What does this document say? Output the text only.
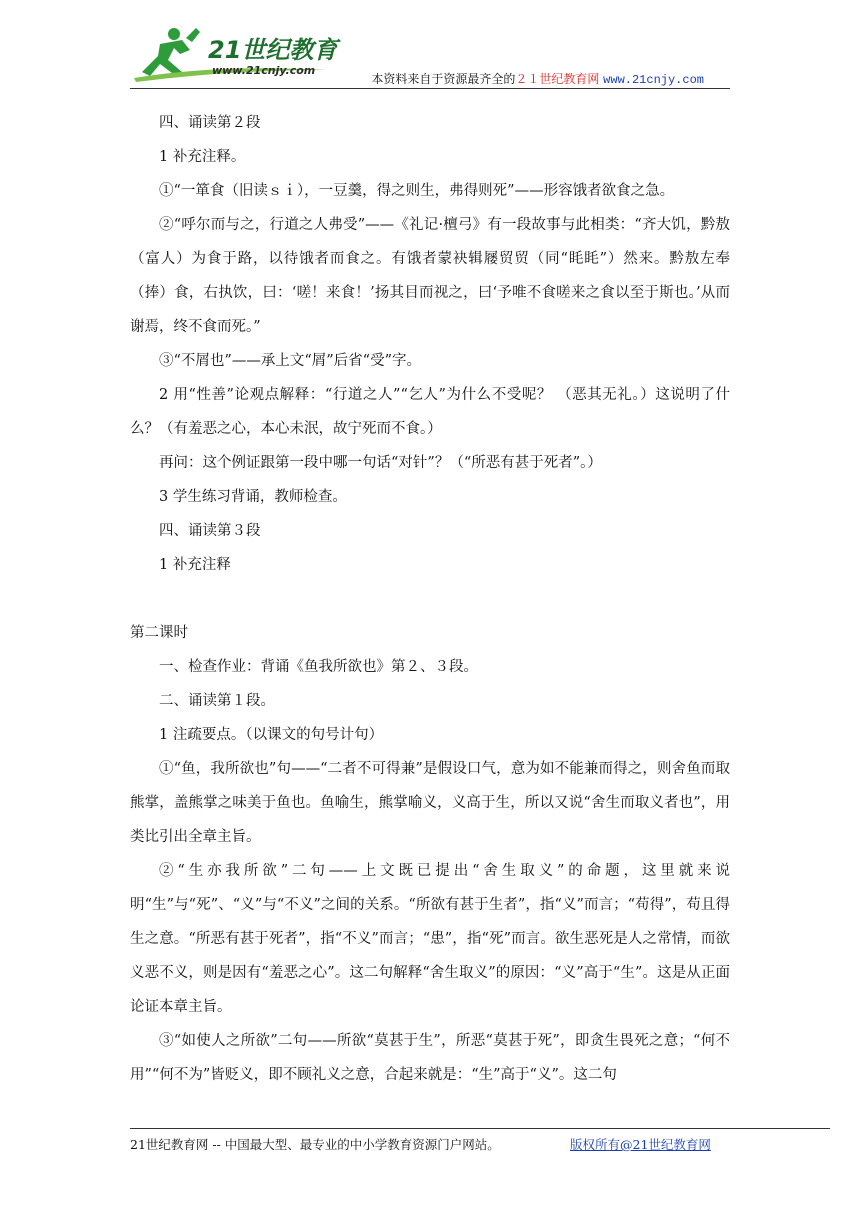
21世纪教育
www.21cnjy.com
本资料来自于资源最齐全的２１世纪教育网 www.21cnjy.com

四、诵读第２段

1 补充注释。

①“一箪食（旧读ｓｉ），一豆羹，得之则生，弗得则死”——形容饿者欲食之急。

②“呼尔而与之，行道之人弗受”——《礼记·檀弓》有一段故事与此相类：“齐大饥，黔敖（富人）为食于路，以待饿者而食之。有饿者蒙袂辑屦贸贸（同“眊眊”）然来。黔敖左奉（捧）食，右执饮，曰：‘嗟！来食！’扬其目而视之，曰‘予唯不食嗟来之食以至于斯也。’从而谢焉，终不食而死。”

③“不屑也”——承上文“屑”后省“受”字。

2 用“性善”论观点解释：“行道之人”“乞人”为什么不受呢？ （恶其无礼。）这说明了什么？（有羞恶之心，本心未泯，故宁死而不食。）

再问：这个例证跟第一段中哪一句话“对针”？（“所恶有甚于死者”。）

3 学生练习背诵，教师检查。

四、诵读第３段

1 补充注释

第二课时

一、检查作业：背诵《鱼我所欲也》第２、３段。

二、诵读第１段。

1 注疏要点。（以课文的句号计句）

①“鱼，我所欲也”句——“二者不可得兼”是假设口气，意为如不能兼而得之，则舍鱼而取熊掌，盖熊掌之味美于鱼也。鱼喻生，熊掌喻义，义高于生，所以又说“舍生而取义者也”，用类比引出全章主旨。

②“生亦我所欲”二句——上文既已提出“舍生取义”的命题，这里就来说明“生”与“死”、“义”与“不义”之间的关系。“所欲有甚于生者”，指“义”而言；“苟得”，苟且得生之意。“所恶有甚于死者”，指“不义”而言；“患”，指“死”而言。欲生恶死是人之常情，而欲义恶不义，则是因有“羞恶之心”。这二句解释“舍生取义”的原因：“义”高于“生”。这是从正面论证本章主旨。

③“如使人之所欲”二句——所欲“莫甚于生”，所恶“莫甚于死”，即贪生畏死之意；“何不用”“何不为”皆贬义，即不顾礼义之意，合起来就是：“生”高于“义”。这二句

21世纪教育网 -- 中国最大型、最专业的中小学教育资源门户网站。	版权所有@21世纪教育网
